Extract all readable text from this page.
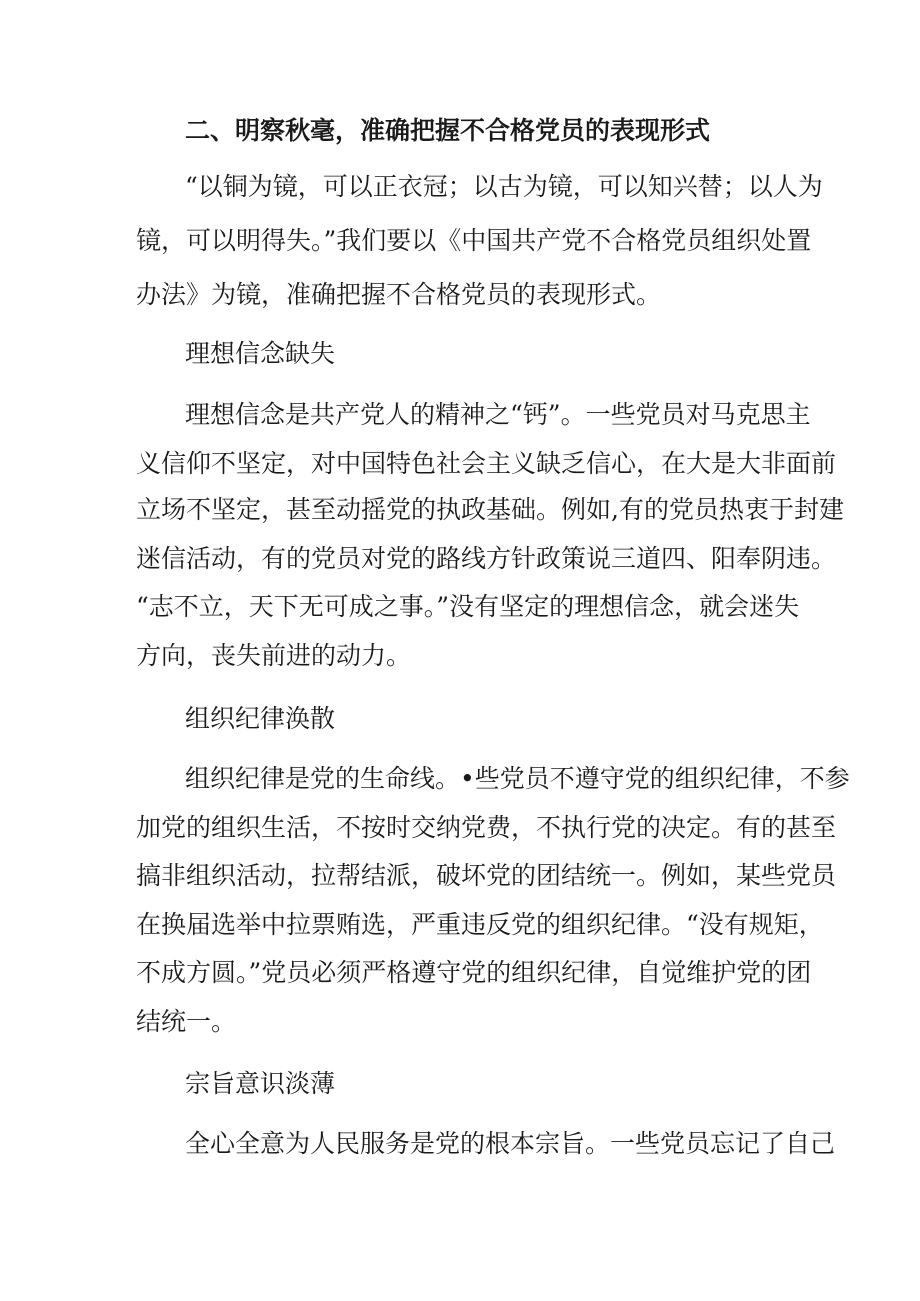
二、明察秋毫，准确把握不合格党员的表现形式
“以铜为镜，可以正衣冠；以古为镜，可以知兴替；以人为
镜，可以明得失。”我们要以《中国共产党不合格党员组织处置
办法》为镜，准确把握不合格党员的表现形式。
理想信念缺失
理想信念是共产党人的精神之“钙”。一些党员对马克思主
义信仰不坚定，对中国特色社会主义缺乏信心，在大是大非面前
立场不坚定，甚至动摇党的执政基础。例如,有的党员热衷于封建
迷信活动，有的党员对党的路线方针政策说三道四、阳奉阴违。
“志不立，天下无可成之事。”没有坚定的理想信念，就会迷失
方向，丧失前进的动力。
组织纪律涣散
组织纪律是党的生命线。•些党员不遵守党的组织纪律，不参
加党的组织生活，不按时交纳党费，不执行党的决定。有的甚至
搞非组织活动，拉帮结派，破坏党的团结统一。例如，某些党员
在换届选举中拉票贿选，严重违反党的组织纪律。“没有规矩，
不成方圆。”党员必须严格遵守党的组织纪律，自觉维护党的团
结统一。
宗旨意识淡薄
全心全意为人民服务是党的根本宗旨。一些党员忘记了自己
